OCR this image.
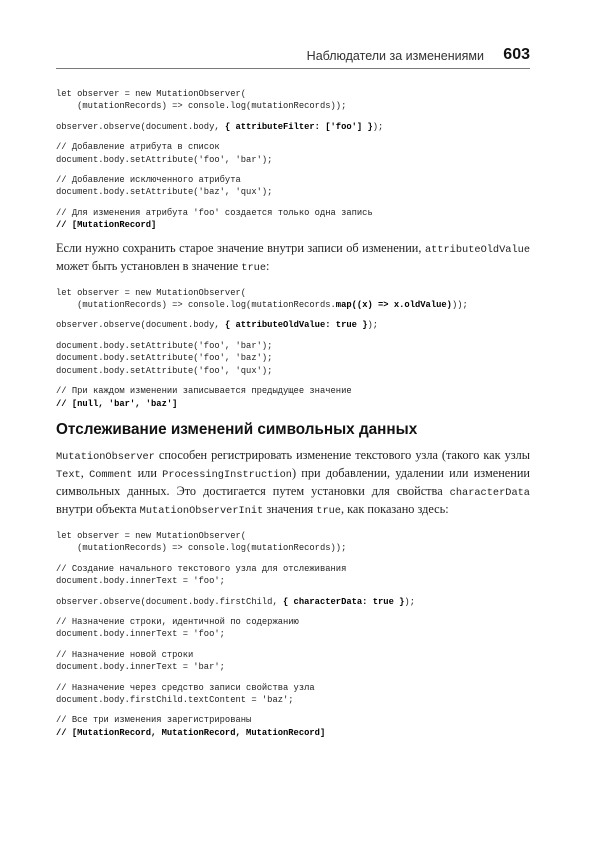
Наблюдатели за изменениями 603
let observer = new MutationObserver(
(mutationRecords) => console.log(mutationRecords));
observer.observe(document.body, { attributeFilter: ['foo'] });
// Добавление атрибута в список
document.body.setAttribute('foo', 'bar');
// Добавление исключенного атрибута
document.body.setAttribute('baz', 'qux');
// Для изменения атрибута 'foo' создается только одна запись
// [MutationRecord]

Если нужно сохранить старое значение внутри записи об изменении, attributeOldValue может быть установлен в значение true:

let observer = new MutationObserver(
(mutationRecords) => console.log(mutationRecords.map((x) => x.oldValue)));
observer.observe(document.body, { attributeOldValue: true });
document.body.setAttribute('foo', 'bar');
document.body.setAttribute('foo', 'baz');
document.body.setAttribute('foo', 'qux');
// При каждом изменении записывается предыдущее значение
// [null, 'bar', 'baz']
Отслеживание изменений символьных данных

MutationObserver способен регистрировать изменение текстового узла (такого как узлы Text, Comment или ProcessingInstruction) при добавлении, удалении или изменении символьных данных. Это достигается путем установки для свойства characterData внутри объекта MutationObserverInit значения true, как показано здесь:

let observer = new MutationObserver(
(mutationRecords) => console.log(mutationRecords));
// Создание начального текстового узла для отслеживания
document.body.innerText = 'foo';
observer.observe(document.body.firstChild, { characterData: true });
// Назначение строки, идентичной по содержанию
document.body.innerText = 'foo';
// Назначение новой строки
document.body.innerText = 'bar';
// Назначение через средство записи свойства узла
document.body.firstChild.textContent = 'baz';
// Все три изменения зарегистрированы
// [MutationRecord, MutationRecord, MutationRecord]
